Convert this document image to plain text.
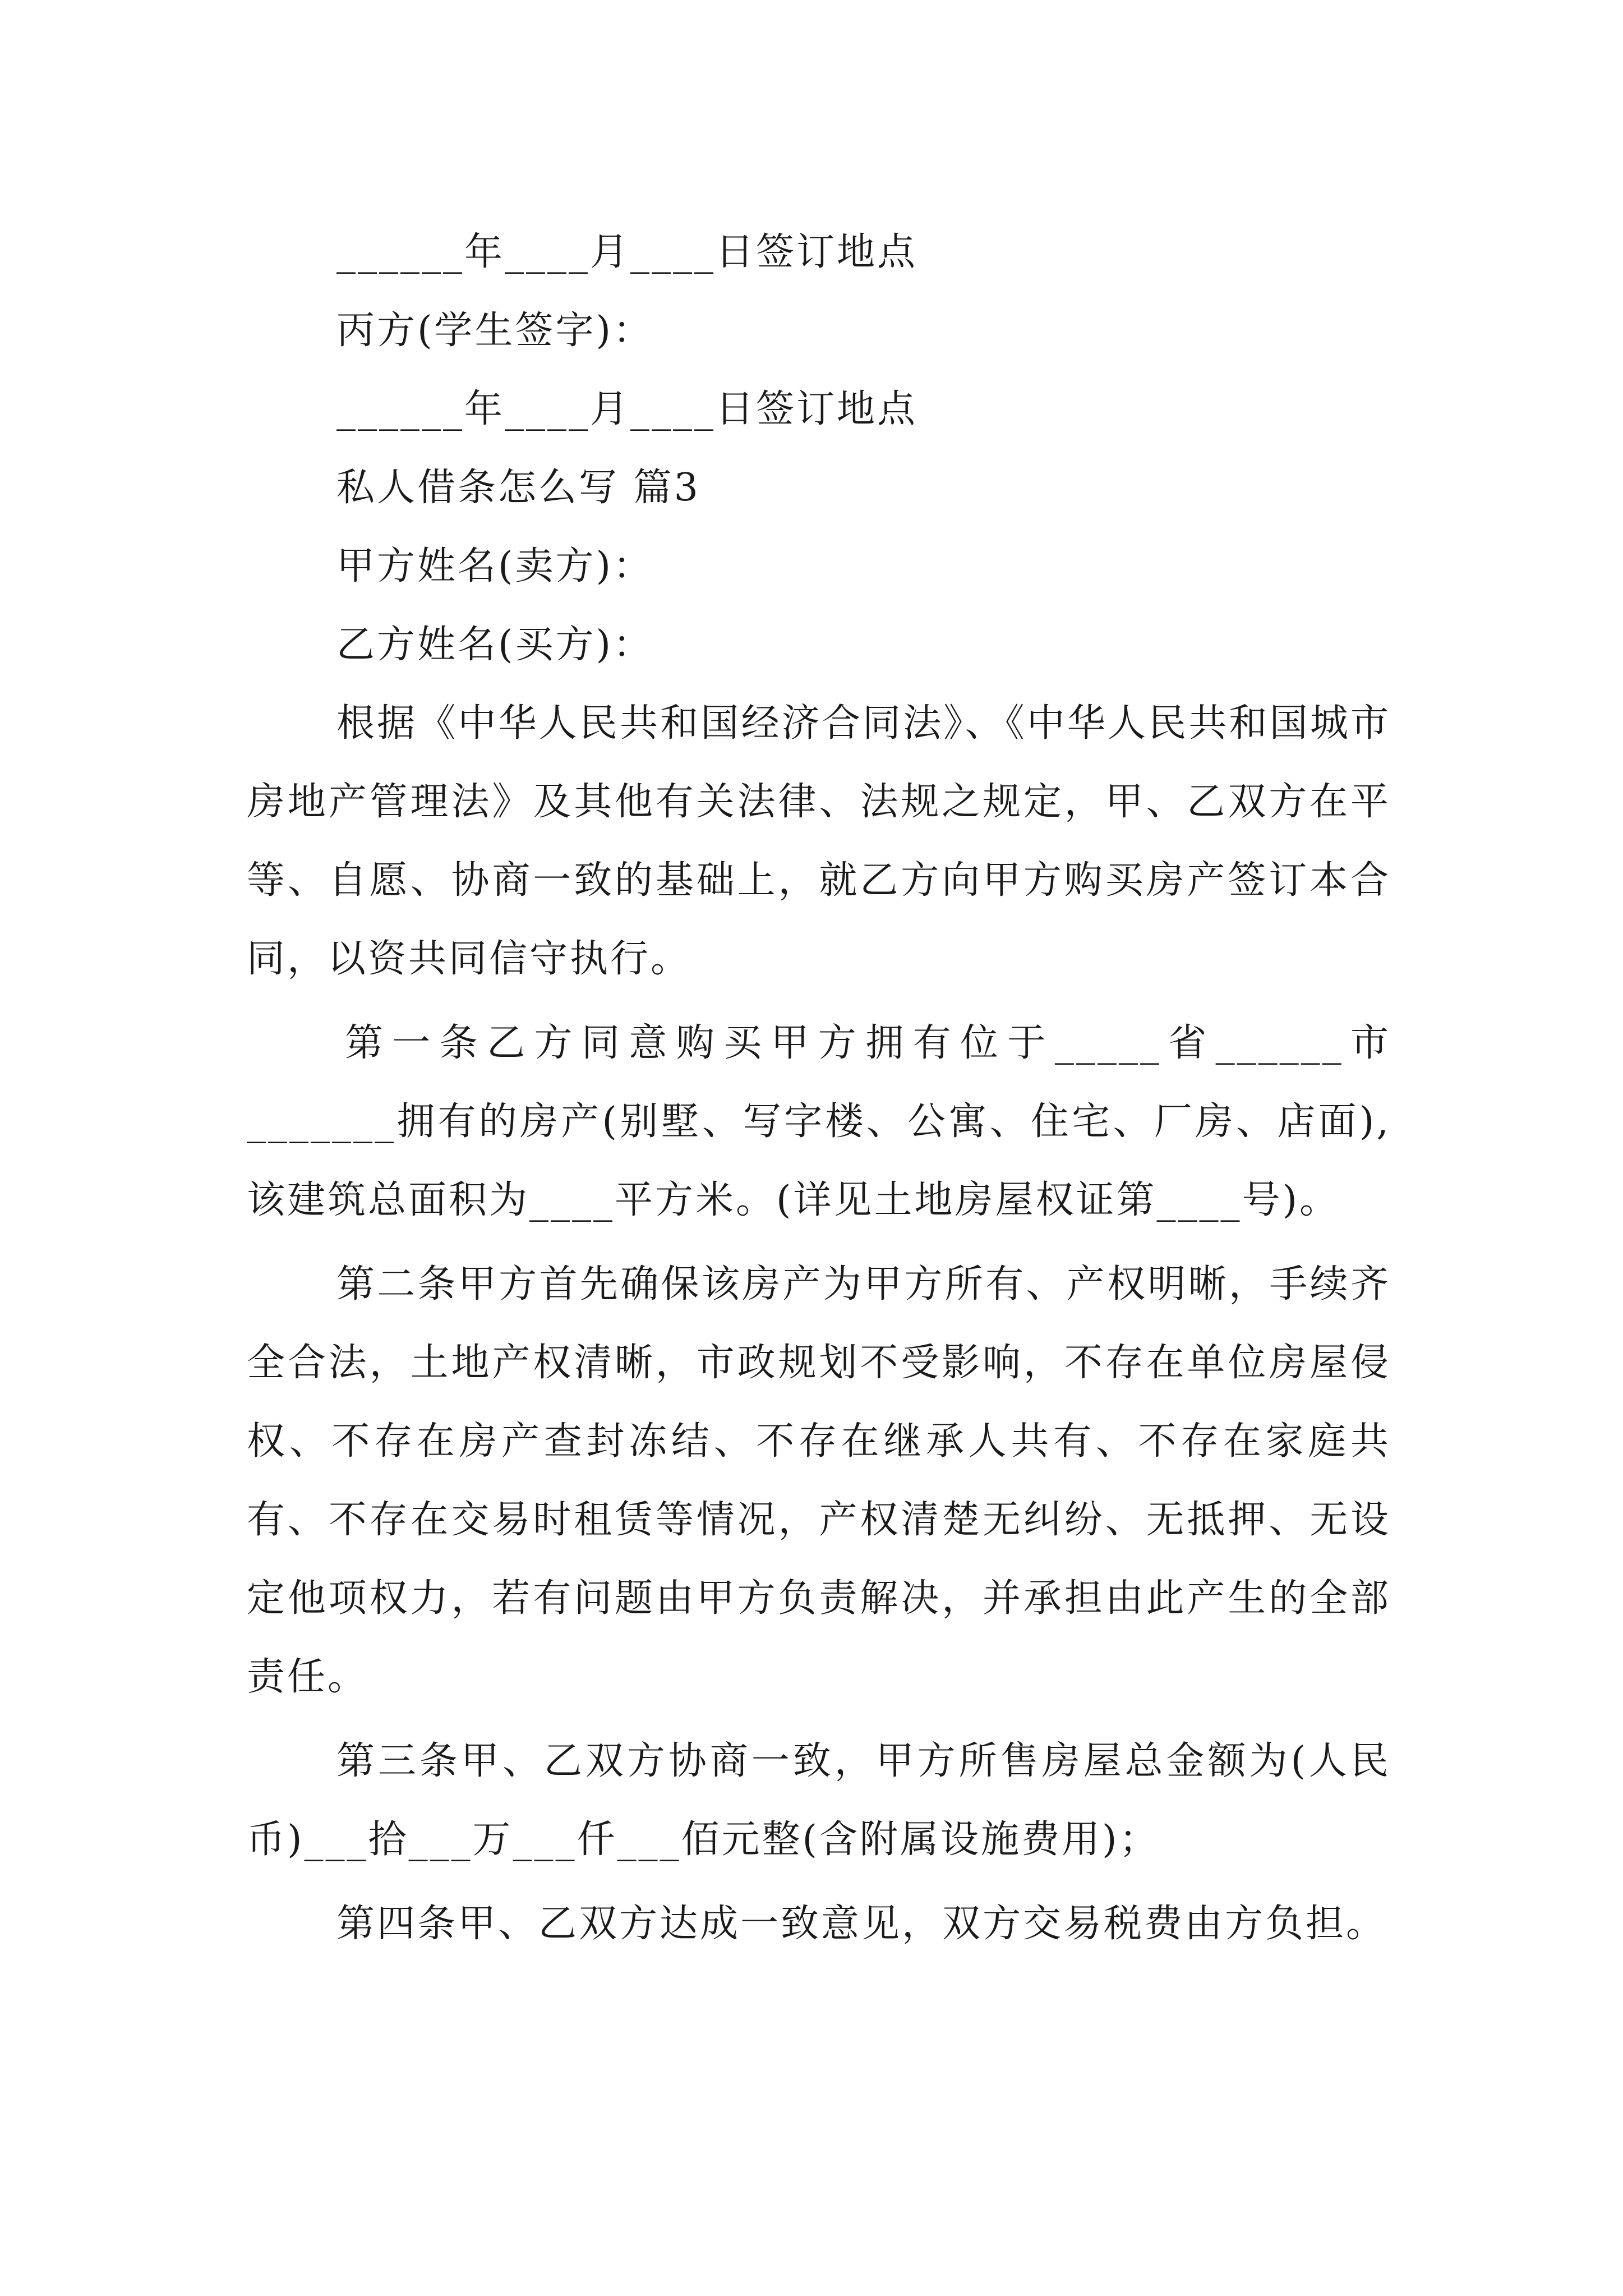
______年____月____日签订地点
丙方(学生签字)：
______年____月____日签订地点
私人借条怎么写 篇3
甲方姓名(卖方)：
乙方姓名(买方)：

根据《中华人民共和国经济合同法》、《中华人民共和国城市房地产管理法》及其他有关法律、法规之规定，甲、乙双方在平等、自愿、协商一致的基础上，就乙方向甲方购买房产签订本合同，以资共同信守执行。

第一条乙方同意购买甲方拥有位于_____省______市_______拥有的房产(别墅、写字楼、公寓、住宅、厂房、店面),该建筑总面积为____平方米。(详见土地房屋权证第____号)。

第二条甲方首先确保该房产为甲方所有、产权明晰，手续齐全合法，土地产权清晰，市政规划不受影响，不存在单位房屋侵权、不存在房产查封冻结、不存在继承人共有、不存在家庭共有、不存在交易时租赁等情况，产权清楚无纠纷、无抵押、无设定他项权力，若有问题由甲方负责解决，并承担由此产生的全部责任。

第三条甲、乙双方协商一致，甲方所售房屋总金额为(人民币)___拾___万___仟___佰元整(含附属设施费用)；

第四条甲、乙双方达成一致意见，双方交易税费由方负担。
